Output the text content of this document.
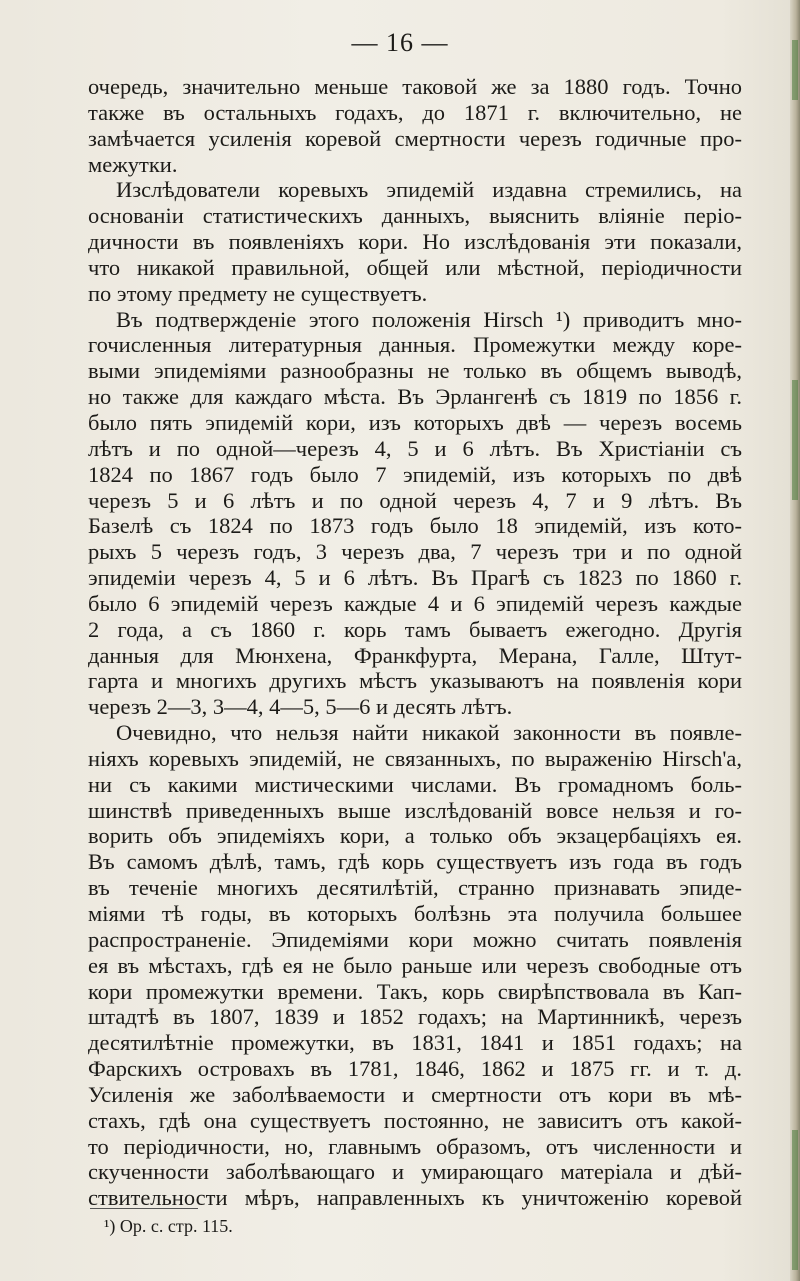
— 16 —
очередь, значительно меньше таковой же за 1880 годъ. Точно
также въ остальныхъ годахъ, до 1871 г. включительно, не
замѣчается усиленія коревой смертности черезъ годичные про-
межутки.
Изслѣдователи коревыхъ эпидемій издавна стремились, на
основаніи статистическихъ данныхъ, выяснить вліяніе періо-
дичности въ появленіяхъ кори. Но изслѣдованія эти показали,
что никакой правильной, общей или мѣстной, періодичности
по этому предмету не существуетъ.
Въ подтвержденіе этого положенія Hirsch ¹) приводитъ мно-
гочисленныя литературныя данныя. Промежутки между коре-
выми эпидеміями разнообразны не только въ общемъ выводѣ,
но также для каждаго мѣста. Въ Эрлангенѣ съ 1819 по 1856 г.
было пять эпидемій кори, изъ которыхъ двѣ — черезъ восемь
лѣтъ и по одной—черезъ 4, 5 и 6 лѣтъ. Въ Христіаніи съ
1824 по 1867 годъ было 7 эпидемій, изъ которыхъ по двѣ
черезъ 5 и 6 лѣтъ и по одной черезъ 4, 7 и 9 лѣтъ. Въ
Базелѣ съ 1824 по 1873 годъ было 18 эпидемій, изъ кото-
рыхъ 5 черезъ годъ, 3 черезъ два, 7 черезъ три и по одной
эпидеміи черезъ 4, 5 и 6 лѣтъ. Въ Прагѣ съ 1823 по 1860 г.
было 6 эпидемій черезъ каждые 4 и 6 эпидемій черезъ каждые
2 года, а съ 1860 г. корь тамъ бываетъ ежегодно. Другія
данныя для Мюнхена, Франкфурта, Мерана, Галле, Штут-
гарта и многихъ другихъ мѣстъ указываютъ на появленія кори
черезъ 2—3, 3—4, 4—5, 5—6 и десять лѣтъ.
Очевидно, что нельзя найти никакой законности въ появле-
ніяхъ коревыхъ эпидемій, не связанныхъ, по выраженію Hirsch'а,
ни съ какими мистическими числами. Въ громадномъ боль-
шинствѣ приведенныхъ выше изслѣдованій вовсе нельзя и го-
ворить объ эпидеміяхъ кори, а только объ экзацербаціяхъ ея.
Въ самомъ дѣлѣ, тамъ, гдѣ корь существуетъ изъ года въ годъ
въ теченіе многихъ десятилѣтій, странно признавать эпиде-
міями тѣ годы, въ которыхъ болѣзнь эта получила большее
распространеніе. Эпидеміями кори можно считать появленія
ея въ мѣстахъ, гдѣ ея не было раньше или черезъ свободные отъ
кори промежутки времени. Такъ, корь свирѣпствовала въ Кап-
штадтѣ въ 1807, 1839 и 1852 годахъ; на Мартинникѣ, черезъ
десятилѣтніе промежутки, въ 1831, 1841 и 1851 годахъ; на
Фарскихъ островахъ въ 1781, 1846, 1862 и 1875 гг. и т. д.
Усиленія же заболѣваемости и смертности отъ кори въ мѣ-
стахъ, гдѣ она существуетъ постоянно, не зависитъ отъ какой-
то періодичности, но, главнымъ образомъ, отъ численности и
скученности заболѣвающаго и умирающаго матеріала и дѣй-
ствительности мѣръ, направленныхъ къ уничтоженію коревой
¹) Op. c. стр. 115.
